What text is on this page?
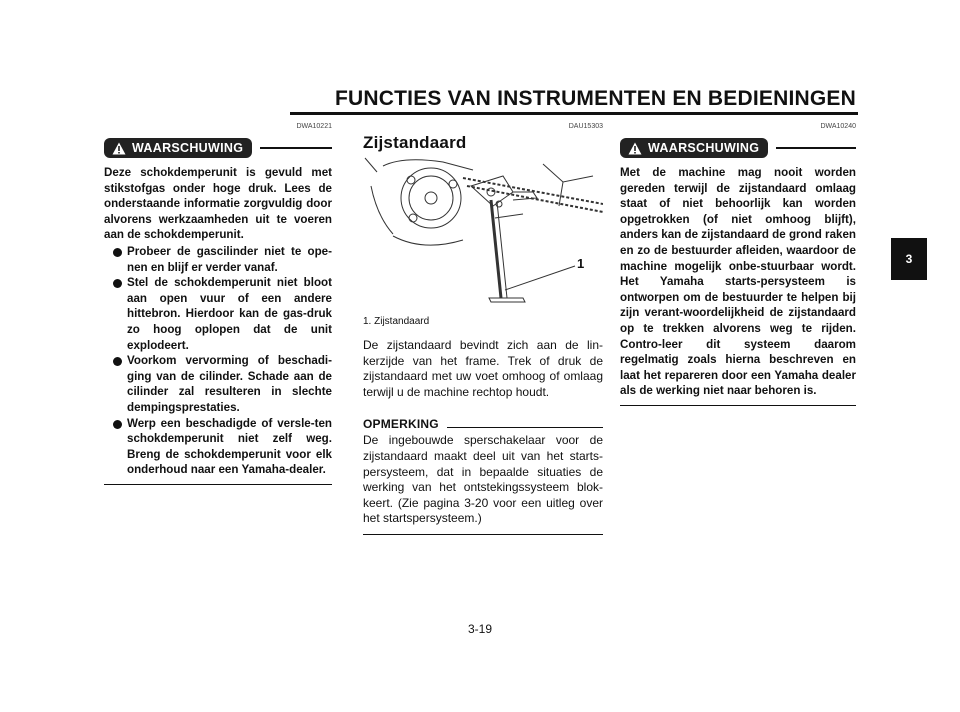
FUNCTIES VAN INSTRUMENTEN EN BEDIENINGEN
3
DWA10221
WAARSCHUWING

Deze schokdemperunit is gevuld met stikstofgas onder hoge druk. Lees de onderstaande informatie zorgvuldig door alvorens werkzaamheden uit te voeren aan de schokdemperunit.

Probeer de gascilinder niet te ope-nen en blijf er verder vanaf.
Stel de schokdemperunit niet bloot aan open vuur of een andere hittebron. Hierdoor kan de gas-druk zo hoog oplopen dat de unit explodeert.
Voorkom vervorming of beschadi-ging van de cilinder. Schade aan de cilinder zal resulteren in slechte dempingsprestaties.
Werp een beschadigde of versle-ten schokdemperunit niet zelf weg. Breng de schokdemperunit voor elk onderhoud naar een Yamaha-dealer.
DAU15303
Zijstandaard
1
1. Zijstandaard

De zijstandaard bevindt zich aan de lin-kerzijde van het frame. Trek of druk de zijstandaard met uw voet omhoog of omlaag terwijl u de machine rechtop houdt.

OPMERKING

De ingebouwde sperschakelaar voor de zijstandaard maakt deel uit van het starts-persysteem, dat in bepaalde situaties de werking van het ontstekingssysteem blok-keert. (Zie pagina 3-20 voor een uitleg over het startspersysteem.)

DWA10240
WAARSCHUWING

Met de machine mag nooit worden gereden terwijl de zijstandaard omlaag staat of niet behoorlijk kan worden opgetrokken (of niet omhoog blijft), anders kan de zijstandaard de grond raken en zo de bestuurder afleiden, waardoor de machine mogelijk onbe-stuurbaar wordt. Het Yamaha starts-persysteem is ontworpen om de bestuurder te helpen bij zijn verant-woordelijkheid de zijstandaard op te trekken alvorens weg te rijden. Contro-leer dit systeem daarom regelmatig zoals hierna beschreven en laat het repareren door een Yamaha dealer als de werking niet naar behoren is.

3-19
